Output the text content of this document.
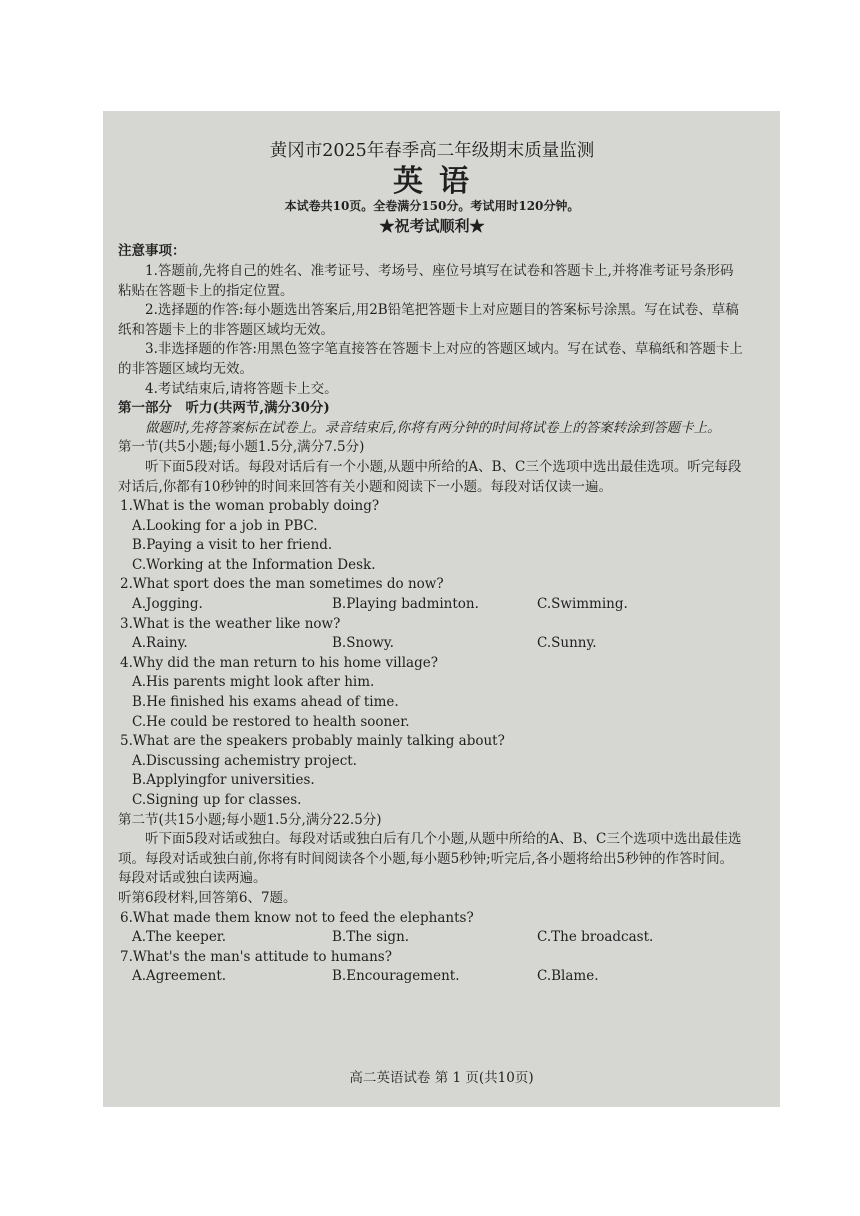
黄冈市2025年春季高二年级期末质量监测
英语
本试卷共10页。全卷满分150分。考试用时120分钟。
★祝考试顺利★

注意事项：

1.答题前,先将自己的姓名、准考证号、考场号、座位号填写在试卷和答题卡上,并将准考证号条形码粘贴在答题卡上的指定位置。

2.选择题的作答:每小题选出答案后,用2B铅笔把答题卡上对应题目的答案标号涂黑。写在试卷、草稿纸和答题卡上的非答题区域均无效。

3.非选择题的作答:用黑色签字笔直接答在答题卡上对应的答题区域内。写在试卷、草稿纸和答题卡上的非答题区域均无效。

4.考试结束后,请将答题卡上交。

第一部分　听力(共两节,满分30分)

做题时,先将答案标在试卷上。录音结束后,你将有两分钟的时间将试卷上的答案转涂到答题卡上。

第一节(共5小题;每小题1.5分,满分7.5分)

听下面5段对话。每段对话后有一个小题,从题中所给的A、B、C三个选项中选出最佳选项。听完每段对话后,你都有10秒钟的时间来回答有关小题和阅读下一小题。每段对话仅读一遍。

1.What is the woman probably doing?

A.Looking for a job in PBC.

B.Paying a visit to her friend.

C.Working at the Information Desk.

2.What sport does the man sometimes do now?

A.Jogging.	B.Playing badminton.	C.Swimming.

3.What is the weather like now?

A.Rainy.	B.Snowy.	C.Sunny.

4.Why did the man return to his home village?

A.His parents might look after him.

B.He finished his exams ahead of time.

C.He could be restored to health sooner.

5.What are the speakers probably mainly talking about?

A.Discussing achemistry project.

B.Applyingfor universities.

C.Signing up for classes.

第二节(共15小题;每小题1.5分,满分22.5分)

听下面5段对话或独白。每段对话或独白后有几个小题,从题中所给的A、B、C三个选项中选出最佳选项。每段对话或独白前,你将有时间阅读各个小题,每小题5秒钟;听完后,各小题将给出5秒钟的作答时间。每段对话或独白读两遍。

听第6段材料,回答第6、7题。

6.What made them know not to feed the elephants?

A.The keeper.	B.The sign.	C.The broadcast.

7.What's the man's attitude to humans?

A.Agreement.	B.Encouragement.	C.Blame.
高二英语试卷 第 1 页(共10页)
